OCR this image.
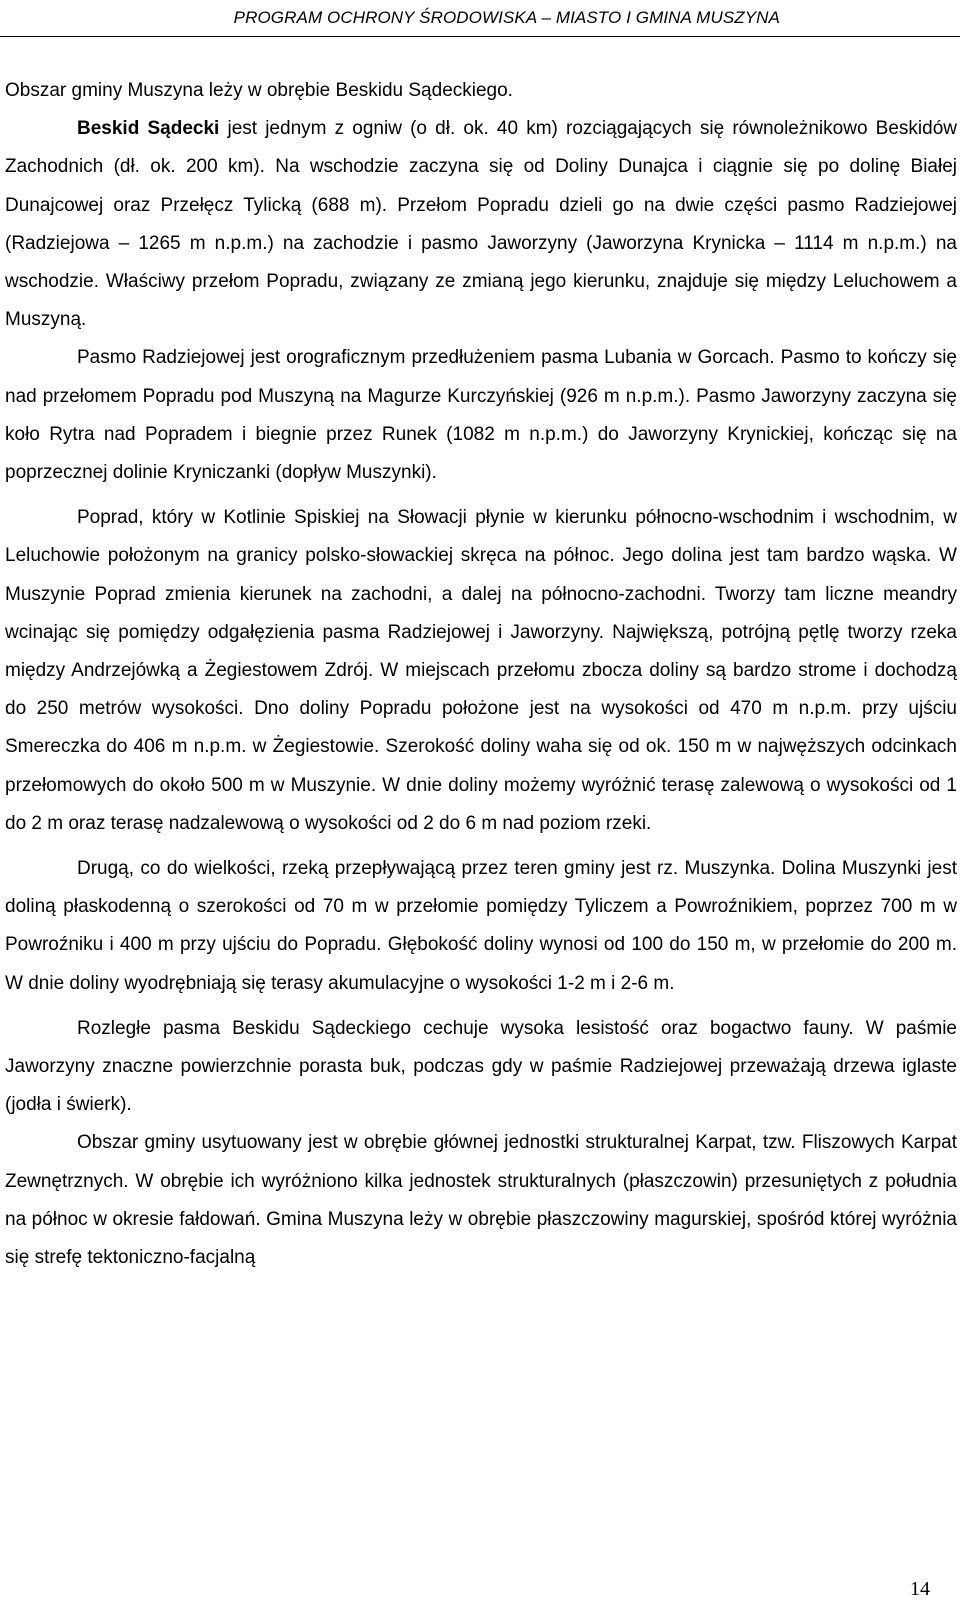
PROGRAM OCHRONY ŚRODOWISKA – MIASTO I GMINA MUSZYNA

Obszar gminy Muszyna leży w obrębie Beskidu Sądeckiego.

Beskid Sądecki jest jednym z ogniw (o dł. ok. 40 km) rozciągających się równoleżnikowo Beskidów Zachodnich (dł. ok. 200 km). Na wschodzie zaczyna się od Doliny Dunajca i ciągnie się po dolinę Białej Dunajcowej oraz Przełęcz Tylicką (688 m). Przełom Popradu dzieli go na dwie części pasmo Radziejowej (Radziejowa – 1265 m n.p.m.) na zachodzie i pasmo Jaworzyny (Jaworzyna Krynicka – 1114 m n.p.m.) na wschodzie. Właściwy przełom Popradu, związany ze zmianą jego kierunku, znajduje się między Leluchowem a Muszyną.

Pasmo Radziejowej jest orograficznym przedłużeniem pasma Lubania w Gorcach. Pasmo to kończy się nad przełomem Popradu pod Muszyną na Magurze Kurczyńskiej (926 m n.p.m.). Pasmo Jaworzyny zaczyna się koło Rytra nad Popradem i biegnie przez Runek (1082 m n.p.m.) do Jaworzyny Krynickiej, kończąc się na poprzecznej dolinie Kryniczanki (dopływ Muszynki).

Poprad, który w Kotlinie Spiskiej na Słowacji płynie w kierunku północno-wschodnim i wschodnim, w Leluchowie położonym na granicy polsko-słowackiej skręca na północ. Jego dolina jest tam bardzo wąska. W Muszynie Poprad zmienia kierunek na zachodni, a dalej na północno-zachodni. Tworzy tam liczne meandry wcinając się pomiędzy odgałęzienia pasma Radziejowej i Jaworzyny. Największą, potrójną pętlę tworzy rzeka między Andrzejówką a Żegiestowem Zdrój. W miejscach przełomu zbocza doliny są bardzo strome i dochodzą do 250 metrów wysokości. Dno doliny Popradu położone jest na wysokości od 470 m n.p.m. przy ujściu Smereczka do 406 m n.p.m. w Żegiestowie. Szerokość doliny waha się od ok. 150 m w najwęższych odcinkach przełomowych do około 500 m w Muszynie. W dnie doliny możemy wyróżnić terasę zalewową o wysokości od 1 do 2 m oraz terasę nadzalewową o wysokości od 2 do 6 m nad poziom rzeki.

Drugą, co do wielkości, rzeką przepływającą przez teren gminy jest rz. Muszynka. Dolina Muszynki jest doliną płaskodenną o szerokości od 70 m w przełomie pomiędzy Tyliczem a Powroźnikiem, poprzez 700 m w Powroźniku i 400 m przy ujściu do Popradu. Głębokość doliny wynosi od 100 do 150 m, w przełomie do 200 m. W dnie doliny wyodrębniają się terasy akumulacyjne o wysokości 1-2 m i 2-6 m.

Rozległe pasma Beskidu Sądeckiego cechuje wysoka lesistość oraz bogactwo fauny. W paśmie Jaworzyny znaczne powierzchnie porasta buk, podczas gdy w paśmie Radziejowej przeważają drzewa iglaste (jodła i świerk).

Obszar gminy usytuowany jest w obrębie głównej jednostki strukturalnej Karpat, tzw. Fliszowych Karpat Zewnętrznych. W obrębie ich wyróżniono kilka jednostek strukturalnych (płaszczowin) przesuniętych z południa na północ w okresie fałdowań. Gmina Muszyna leży w obrębie płaszczowiny magurskiej, spośród której wyróżnia się strefę tektoniczno-facjalną

14
